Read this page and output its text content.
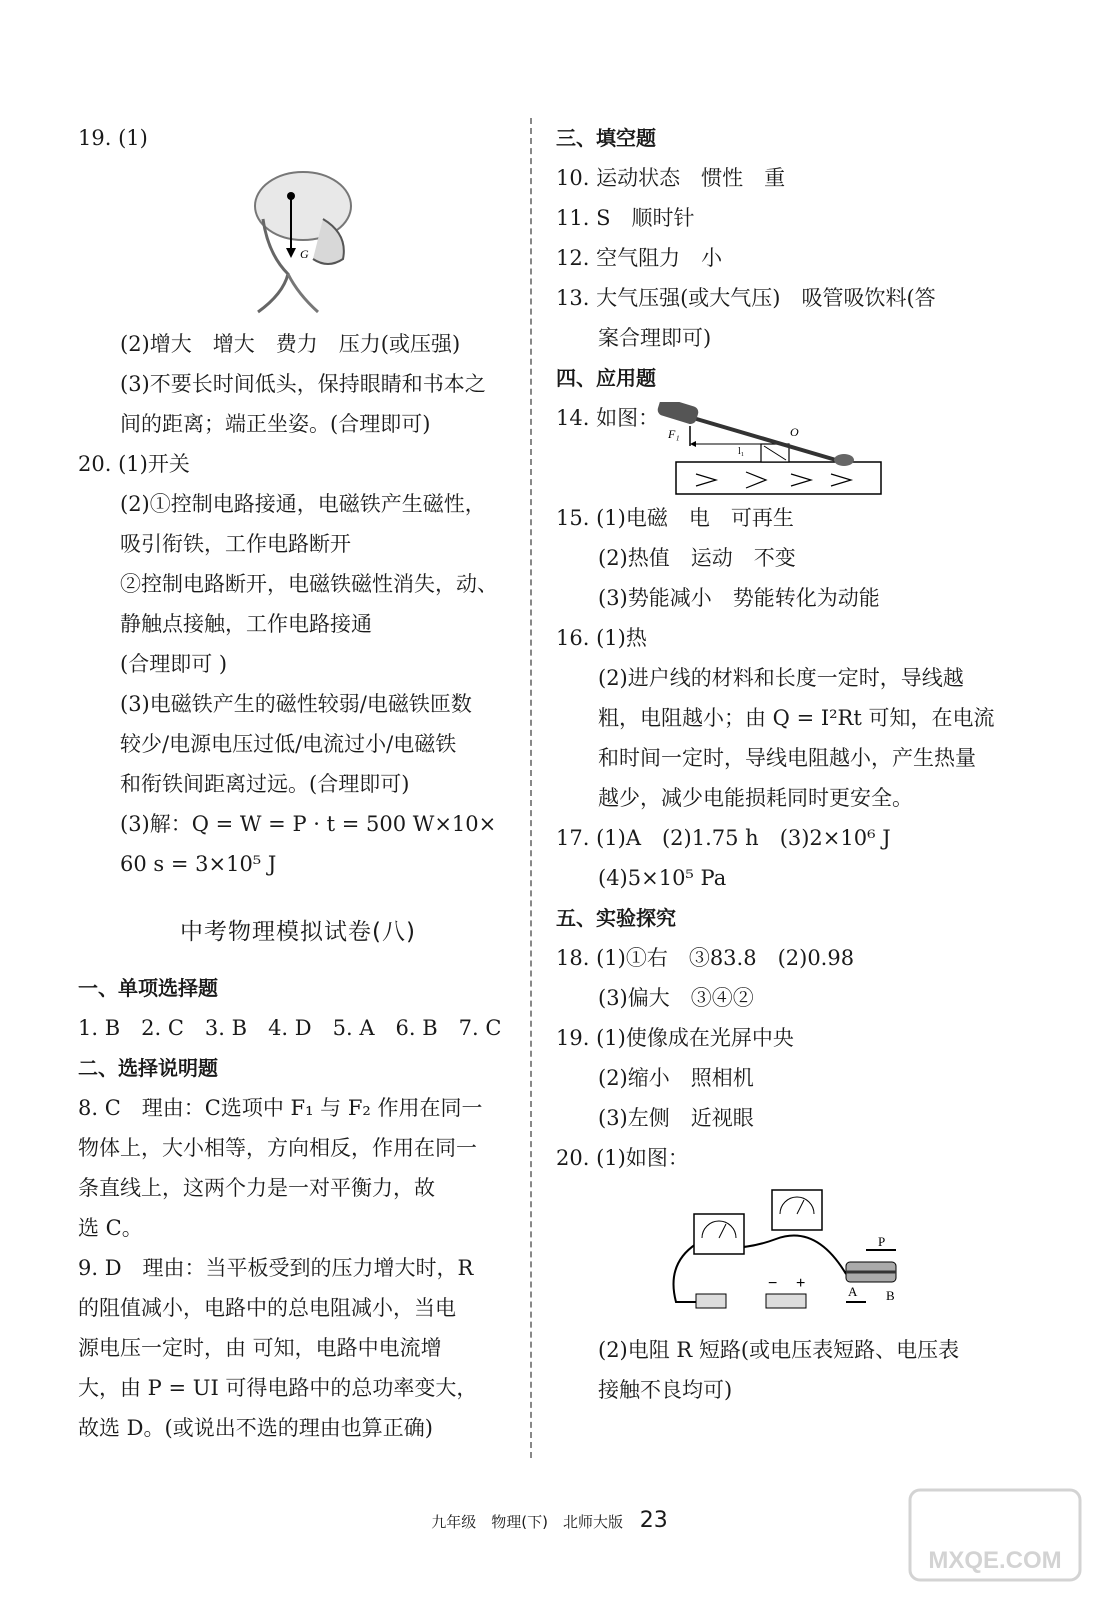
19. (1)
G
(2)增大　增大　费力　压力(或压强)
(3)不要长时间低头，保持眼睛和书本之
间的距离；端正坐姿。(合理即可)
20. (1)开关
(2)①控制电路接通，电磁铁产生磁性，
吸引衔铁，工作电路断开
②控制电路断开，电磁铁磁性消失，动、
静触点接触，工作电路接通
(合理即可 )
(3)电磁铁产生的磁性较弱/电磁铁匝数
较少/电源电压过低/电流过小/电磁铁
和衔铁间距离过远。(合理即可)
(3)解：Q = W = P · t = 500 W×10×
60 s = 3×10⁵ J
中考物理模拟试卷(八)
一、单项选择题
1. B　2. C　3. B　4. D　5. A　6. B　7. C
二、选择说明题
8. C　理由：C选项中 F₁ 与 F₂ 作用在同一
物体上，大小相等，方向相反，作用在同一
条直线上，这两个力是一对平衡力，故
选 C。
9. D　理由：当平板受到的压力增大时，R
的阻值减小，电路中的总电阻减小，当电
源电压一定时，由 可知，电路中电流增
大，由 P = UI 可得电路中的总功率变大，
故选 D。(或说出不选的理由也算正确)
三、填空题
10. 运动状态　惯性　重
11. S　顺时针
12. 空气阻力　小
13. 大气压强(或大气压)　吸管吸饮料(答
案合理即可)
四、应用题
14. 如图：
F₁	O
l₁
15. (1)电磁　电　可再生
(2)热值　运动　不变
(3)势能减小　势能转化为动能
16. (1)热
(2)进户线的材料和长度一定时，导线越
粗，电阻越小；由 Q = I²Rt 可知，在电流
和时间一定时，导线电阻越小，产生热量
越少，减少电能损耗同时更安全。
17. (1)A　(2)1.75 h　(3)2×10⁶ J
(4)5×10⁵ Pa
五、实验探究
18. (1)①右　③83.8　(2)0.98
(3)偏大　③④②
19. (1)使像成在光屏中央
(2)缩小　照相机
(3)左侧　近视眼
20. (1)如图：
− +
P
A B
(2)电阻 R 短路(或电压表短路、电压表
接触不良均可)
九年级　物理(下)　北师大版 23
MXQE.COM
